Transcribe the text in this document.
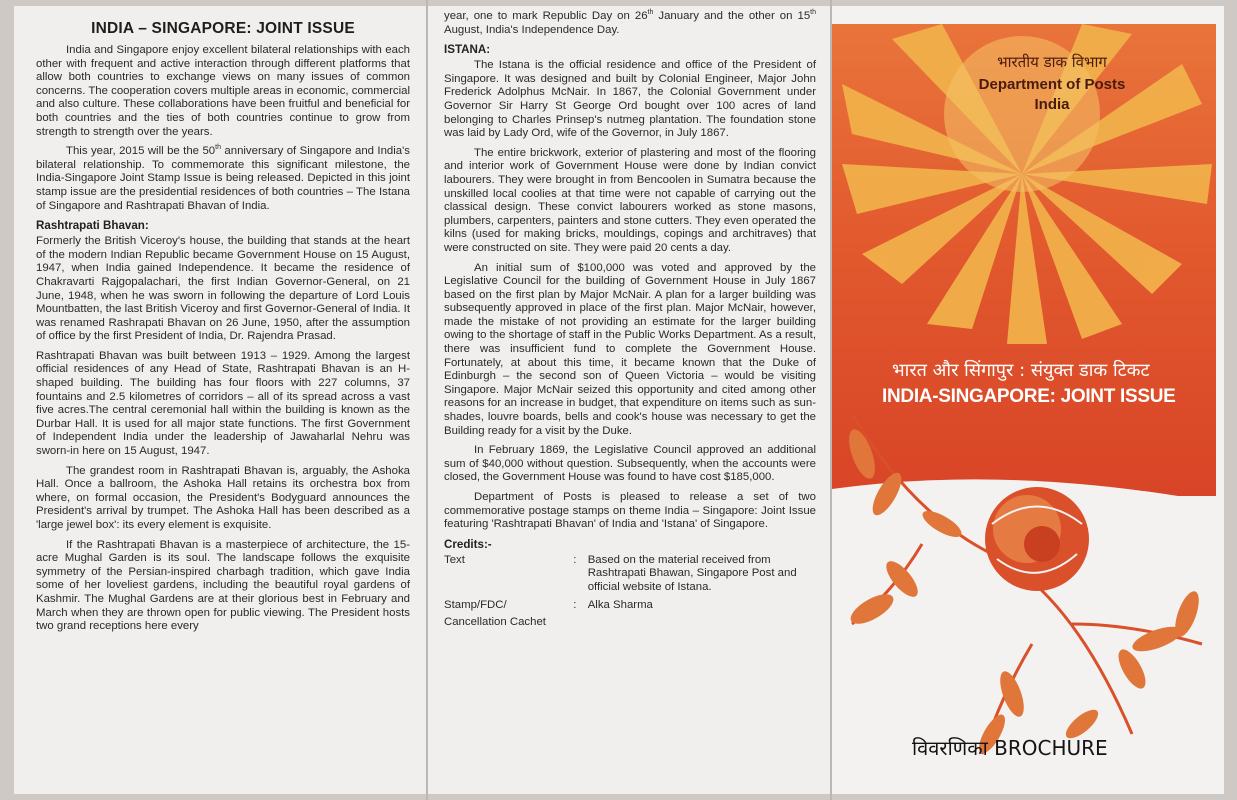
INDIA – SINGAPORE: JOINT ISSUE

India and Singapore enjoy excellent bilateral relationships with each other with frequent and active interaction through different platforms that allow both countries to exchange views on many issues of common concerns. The cooperation covers multiple areas in economic, commercial and also culture. These collaborations have been fruitful and beneficial for both countries and the ties of both countries continue to grow from strength to strength over the years.

This year, 2015 will be the 50th anniversary of Singapore and India's bilateral relationship. To commemorate this significant milestone, the India-Singapore Joint Stamp Issue is being released. Depicted in this joint stamp issue are the presidential residences of both countries – The Istana of Singapore and Rashtrapati Bhavan of India.

Rashtrapati Bhavan:

Formerly the British Viceroy's house, the building that stands at the heart of the modern Indian Republic became Government House on 15 August, 1947, when India gained Independence. It became the residence of Chakravarti Rajgopalachari, the first Indian Governor-General, on 21 June, 1948, when he was sworn in following the departure of Lord Louis Mountbatten, the last British Viceroy and first Governor-General of India. It was renamed Rashrapati Bhavan on 26 June, 1950, after the assumption of office by the first President of India, Dr. Rajendra Prasad.

Rashtrapati Bhavan was built between 1913 – 1929. Among the largest official residences of any Head of State, Rashtrapati Bhavan is an H-shaped building. The building has four floors with 227 columns, 37 fountains and 2.5 kilometres of corridors – all of its spread across a vast five acres.The central ceremonial hall within the building is known as the Durbar Hall. It is used for all major state functions. The first Government of Independent India under the leadership of Jawaharlal Nehru was sworn-in here on 15 August, 1947.

The grandest room in Rashtrapati Bhavan is, arguably, the Ashoka Hall. Once a ballroom, the Ashoka Hall retains its orchestra box from where, on formal occasion, the President's Bodyguard announces the President's arrival by trumpet. The Ashoka Hall has been described as a 'large jewel box': its every element is exquisite.

If the Rashtrapati Bhavan is a masterpiece of architecture, the 15-acre Mughal Garden is its soul. The landscape follows the exquisite symmetry of the Persian-inspired charbagh tradition, which gave India some of her loveliest gardens, including the beautiful royal gardens of Kashmir. The Mughal Gardens are at their glorious best in February and March when they are thrown open for public viewing. The President hosts two grand receptions here every

year, one to mark Republic Day on 26th January and the other on 15th August, India's Independence Day.

ISTANA:

The Istana is the official residence and office of the President of Singapore. It was designed and built by Colonial Engineer, Major John Frederick Adolphus McNair. In 1867, the Colonial Government under Governor Sir Harry St George Ord bought over 100 acres of land belonging to Charles Prinsep's nutmeg plantation. The foundation stone was laid by Lady Ord, wife of the Governor, in July 1867.

The entire brickwork, exterior of plastering and most of the flooring and interior work of Government House were done by Indian convict labourers. They were brought in from Bencoolen in Sumatra because the unskilled local coolies at that time were not capable of carrying out the classical design. These convict labourers worked as stone masons, plumbers, carpenters, painters and stone cutters. They even operated the kilns (used for making bricks, mouldings, copings and architraves) that were constructed on site. They were paid 20 cents a day.

An initial sum of $100,000 was voted and approved by the Legislative Council for the building of Government House in July 1867 based on the first plan by Major McNair. A plan for a larger building was subsequently approved in place of the first plan. Major McNair, however, made the mistake of not providing an estimate for the larger building owing to the shortage of staff in the Public Works Department. As a result, there was insufficient fund to complete the Government House. Fortunately, at about this time, it became known that the Duke of Edinburgh – the second son of Queen Victoria – would be visiting Singapore. Major McNair seized this opportunity and cited among other reasons for an increase in budget, that expenditure on items such as sun-shades, louvre boards, bells and cook's house was necessary to get the Building ready for a visit by the Duke.

In February 1869, the Legislative Council approved an additional sum of $40,000 without question. Subsequently, when the accounts were closed, the Government House was found to have cost $185,000.

Department of Posts is pleased to release a set of two commemorative postage stamps on theme India – Singapore: Joint Issue featuring 'Rashtrapati Bhavan' of India and 'Istana' of Singapore.

Credits:-
Text	: Based on the material received from Rashtrapati Bhawan, Singapore Post and official website of Istana.
Stamp/FDC/	: Alka Sharma
Cancellation Cachet
भारतीय डाक विभाग
Department of Posts
India
भारत और सिंगापुर : संयुक्त डाक टिकट
INDIA-SINGAPORE: JOINT ISSUE
विवरणिका BROCHURE
